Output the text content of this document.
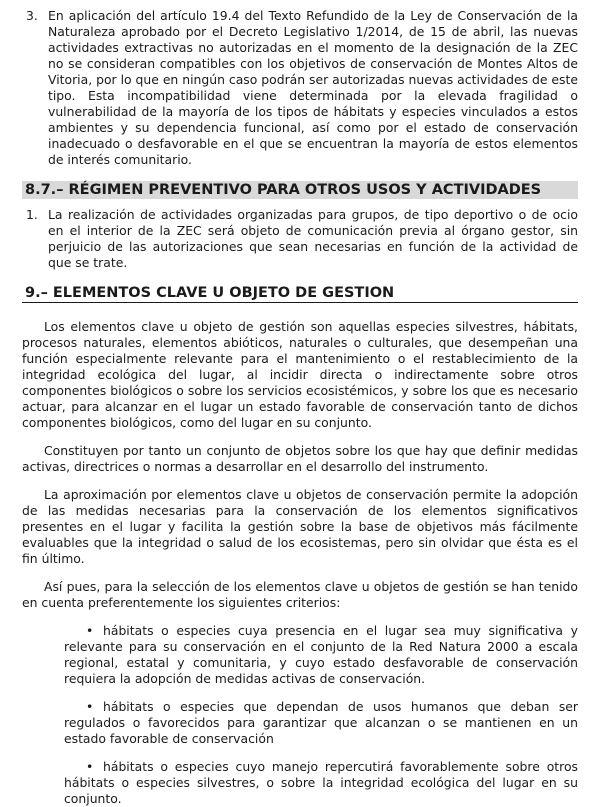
3. En aplicación del artículo 19.4 del Texto Refundido de la Ley de Conservación de la Naturaleza aprobado por el Decreto Legislativo 1/2014, de 15 de abril, las nuevas actividades extractivas no autorizadas en el momento de la designación de la ZEC no se consideran compatibles con los objetivos de conservación de Montes Altos de Vitoria, por lo que en ningún caso podrán ser autorizadas nuevas actividades de este tipo. Esta incompatibilidad viene determinada por la elevada fragilidad o vulnerabilidad de la mayoría de los tipos de hábitats y especies vinculados a estos ambientes y su dependencia funcional, así como por el estado de conservación inadecuado o desfavorable en el que se encuentran la mayoría de estos elementos de interés comunitario.

8.7.– RÉGIMEN PREVENTIVO PARA OTROS USOS Y ACTIVIDADES
1. La realización de actividades organizadas para grupos, de tipo deportivo o de ocio en el interior de la ZEC será objeto de comunicación previa al órgano gestor, sin perjuicio de las autorizaciones que sean necesarias en función de la actividad de que se trate.

9.– ELEMENTOS CLAVE U OBJETO DE GESTION

Los elementos clave u objeto de gestión son aquellas especies silvestres, hábitats, procesos naturales, elementos abióticos, naturales o culturales, que desempeñan una función especialmente relevante para el mantenimiento o el restablecimiento de la integridad ecológica del lugar, al incidir directa o indirectamente sobre otros componentes biológicos o sobre los servicios ecosistémicos, y sobre los que es necesario actuar, para alcanzar en el lugar un estado favorable de conservación tanto de dichos componentes biológicos, como del lugar en su conjunto.

Constituyen por tanto un conjunto de objetos sobre los que hay que definir medidas activas, directrices o normas a desarrollar en el desarrollo del instrumento.

La aproximación por elementos clave u objetos de conservación permite la adopción de las medidas necesarias para la conservación de los elementos significativos presentes en el lugar y facilita la gestión sobre la base de objetivos más fácilmente evaluables que la integridad o salud de los ecosistemas, pero sin olvidar que ésta es el fin último.

Así pues, para la selección de los elementos clave u objetos de gestión se han tenido en cuenta preferentemente los siguientes criterios:

• hábitats o especies cuya presencia en el lugar sea muy significativa y relevante para su conservación en el conjunto de la Red Natura 2000 a escala regional, estatal y comunitaria, y cuyo estado desfavorable de conservación requiera la adopción de medidas activas de conservación.

• hábitats o especies que dependan de usos humanos que deban ser regulados o favorecidos para garantizar que alcanzan o se mantienen en un estado favorable de conservación

• hábitats o especies cuyo manejo repercutirá favorablemente sobre otros hábitats o especies silvestres, o sobre la integridad ecológica del lugar en su conjunto.
